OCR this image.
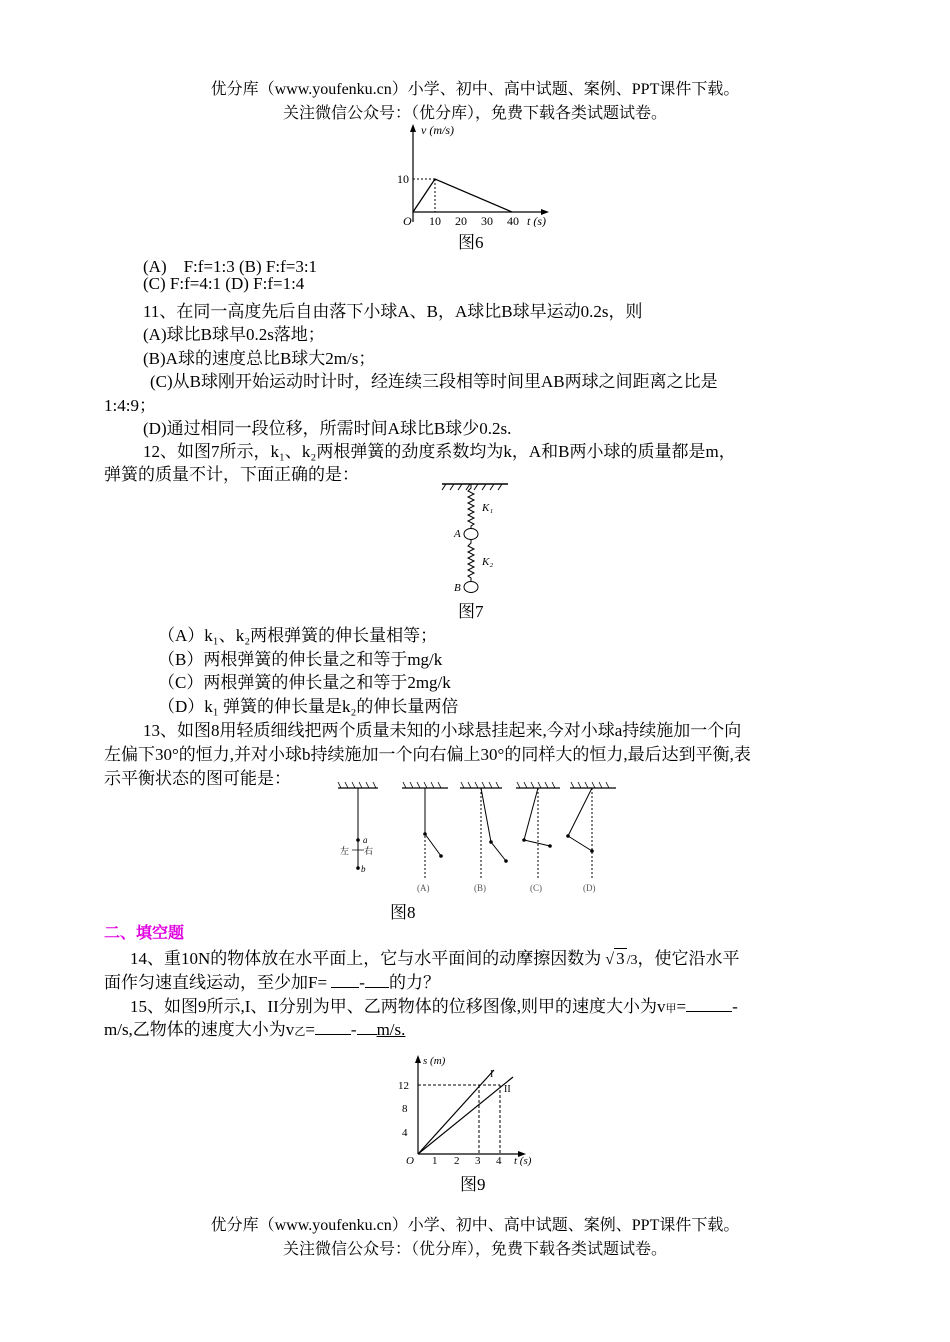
优分库（www.youfenku.cn）小学、初中、高中试题、案例、PPT课件下载。
关注微信公众号：（优分库），免费下载各类试题试卷。
v (m/s)
10
O 10 20 30 40 t (s)
图6
(A)　F:f=1:3 (B) F:f=3:1
(C) F:f=4:1 (D) F:f=1:4
11、在同一高度先后自由落下小球A、B，A球比B球早运动0.2s，则
(A)球比B球早0.2s落地；
(B)A球的速度总比B球大2m/s；
(C)从B球刚开始运动时计时，经连续三段相等时间里AB两球之间距离之比是
1:4:9；
(D)通过相同一段位移，所需时间A球比B球少0.2s.
12、如图7所示，k₁、k₂两根弹簧的劲度系数均为k，A和B两小球的质量都是m，
弹簧的质量不计，下面正确的是：
K₁
A
K₂
B
图7
（A）k₁、k₂两根弹簧的伸长量相等；
（B）两根弹簧的伸长量之和等于mg/k
（C）两根弹簧的伸长量之和等于2mg/k
（D）k₁ 弹簧的伸长量是k₂的伸长量两倍
13、如图8用轻质细线把两个质量未知的小球悬挂起来,今对小球a持续施加一个向
左偏下30°的恒力,并对小球b持续施加一个向右偏上30°的同样大的恒力,最后达到平衡,表
示平衡状态的图可能是：
a
左 右
b
(A)	(B)	(C)	(D)
图8
二、填空题
14、重10N的物体放在水平面上，它与水平面间的动摩擦因数为 √ 3 /3，使它沿水平
面作匀速直线运动，至少加F= - 的力？
15、如图9所示,I、II分别为甲、乙两物体的位移图像,则甲的速度大小为v甲=	-
m/s,乙物体的速度大小为v乙= - m/s.
s (m)
4
8
12
O 1 2 3 4 t (s)
I
II
图9
优分库（www.youfenku.cn）小学、初中、高中试题、案例、PPT课件下载。
关注微信公众号：（优分库），免费下载各类试题试卷。
